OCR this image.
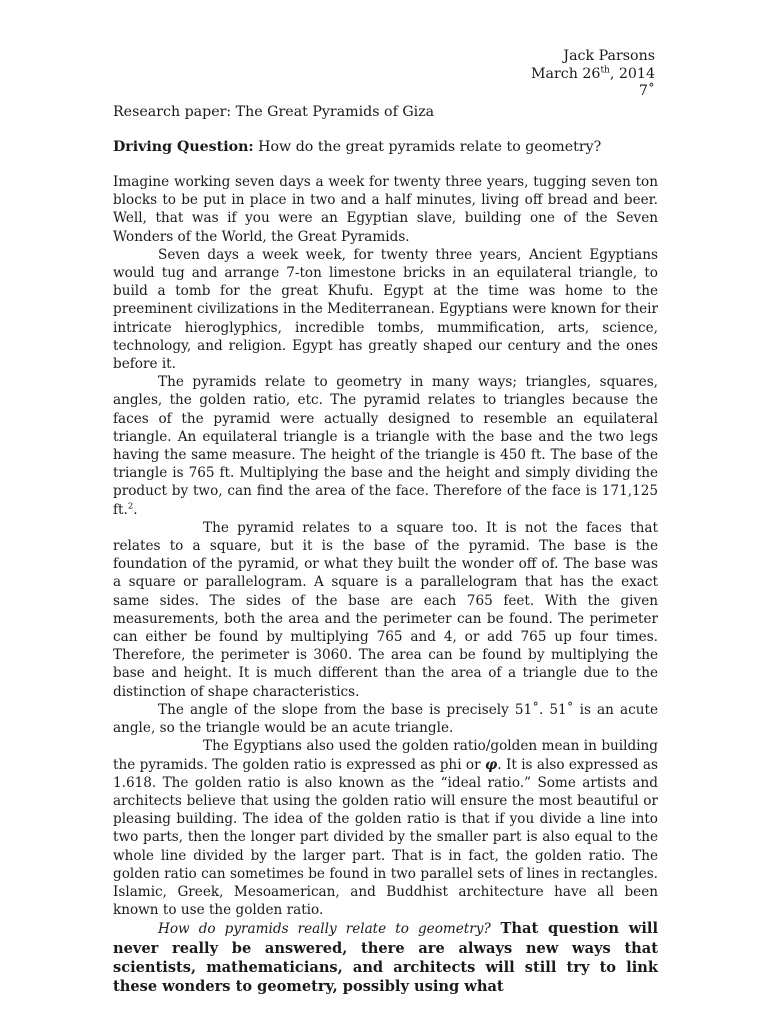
Jack Parsons
March 26th, 2014
7˚
Research paper: The Great Pyramids of Giza
Driving Question: How do the great pyramids relate to geometry?

Imagine working seven days a week for twenty three years, tugging seven ton blocks to be put in place in two and a half minutes, living off bread and beer. Well, that was if you were an Egyptian slave, building one of the Seven Wonders of the World, the Great Pyramids.

Seven days a week week, for twenty three years, Ancient Egyptians would tug and arrange 7-ton limestone bricks in an equilateral triangle, to build a tomb for the great Khufu. Egypt at the time was home to the preeminent civilizations in the Mediterranean. Egyptians were known for their intricate hieroglyphics, incredible tombs, mummification, arts, science, technology, and religion. Egypt has greatly shaped our century and the ones before it.

The pyramids relate to geometry in many ways; triangles, squares, angles, the golden ratio, etc. The pyramid relates to triangles because the faces of the pyramid were actually designed to resemble an equilateral triangle. An equilateral triangle is a triangle with the base and the two legs having the same measure. The height of the triangle is 450 ft. The base of the triangle is 765 ft. Multiplying the base and the height and simply dividing the product by two, can find the area of the face. Therefore of the face is 171,125 ft.$^2$.

The pyramid relates to a square too. It is not the faces that relates to a square, but it is the base of the pyramid. The base is the foundation of the pyramid, or what they built the wonder off of. The base was a square or parallelogram. A square is a parallelogram that has the exact same sides. The sides of the base are each 765 feet. With the given measurements, both the area and the perimeter can be found. The perimeter can either be found by multiplying 765 and 4, or add 765 up four times. Therefore, the perimeter is 3060. The area can be found by multiplying the base and height. It is much different than the area of a triangle due to the distinction of shape characteristics.

The angle of the slope from the base is precisely 51˚. 51˚ is an acute angle, so the triangle would be an acute triangle.

The Egyptians also used the golden ratio/golden mean in building the pyramids. The golden ratio is expressed as phi or φ. It is also expressed as 1.618. The golden ratio is also known as the “ideal ratio.” Some artists and architects believe that using the golden ratio will ensure the most beautiful or pleasing building. The idea of the golden ratio is that if you divide a line into two parts, then the longer part divided by the smaller part is also equal to the whole line divided by the larger part. That is in fact, the golden ratio. The golden ratio can sometimes be found in two parallel sets of lines in rectangles. Islamic, Greek, Mesoamerican, and Buddhist architecture have all been known to use the golden ratio.

How do pyramids really relate to geometry? That question will never really be answered, there are always new ways that scientists, mathematicians, and architects will still try to link these wonders to geometry, possibly using what
